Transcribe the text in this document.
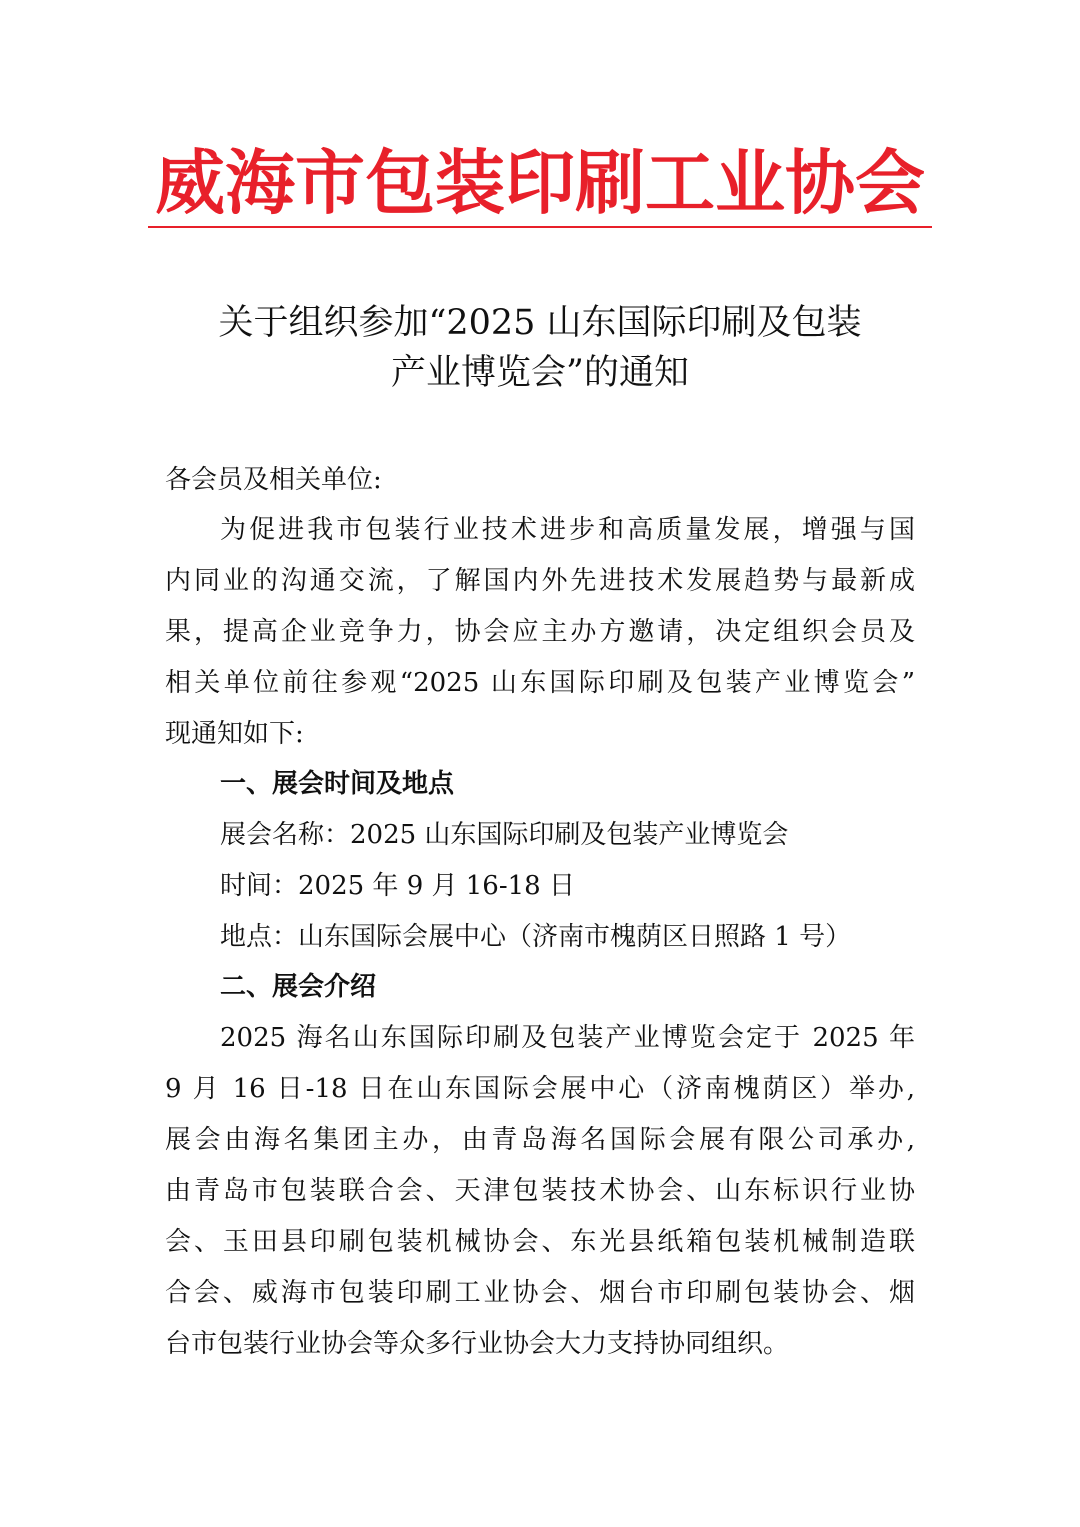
威海市包装印刷工业协会
关于组织参加“2025 山东国际印刷及包装
产业博览会”的通知
各会员及相关单位:
为促进我市包装行业技术进步和高质量发展，增强与国
内同业的沟通交流，了解国内外先进技术发展趋势与最新成
果，提高企业竞争力，协会应主办方邀请，决定组织会员及
相关单位前往参观“2025 山东国际印刷及包装产业博览会”
现通知如下:
一、展会时间及地点
展会名称：2025 山东国际印刷及包装产业博览会
时间：2025 年 9 月 16-18 日
地点：山东国际会展中心（济南市槐荫区日照路 1 号）
二、展会介绍
2025 海名山东国际印刷及包装产业博览会定于 2025 年
9 月 16 日-18 日在山东国际会展中心（济南槐荫区）举办,
展会由海名集团主办，由青岛海名国际会展有限公司承办,
由青岛市包装联合会、天津包装技术协会、山东标识行业协
会、玉田县印刷包装机械协会、东光县纸箱包装机械制造联
合会、威海市包装印刷工业协会、烟台市印刷包装协会、烟
台市包装行业协会等众多行业协会大力支持协同组织。
